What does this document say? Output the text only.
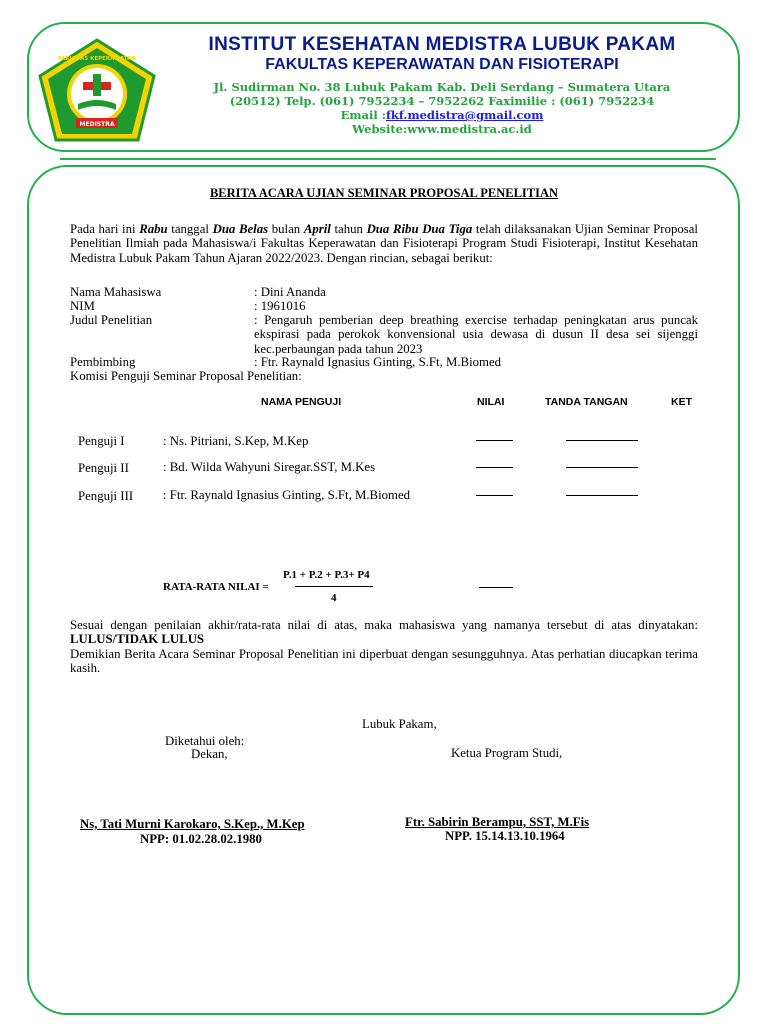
MEDISTRA
FAKULTAS KEPERAWATAN
INSTITUT KESEHATAN MEDISTRA LUBUK PAKAM
FAKULTAS KEPERAWATAN DAN FISIOTERAPI
Jl. Sudirman No. 38 Lubuk Pakam Kab. Deli Serdang – Sumatera Utara
(20512) Telp. (061) 7952234 – 7952262 Faximilie : (061) 7952234
Email :fkf.medistra@gmail.com
Website:www.medistra.ac.id
BERITA ACARA UJIAN SEMINAR PROPOSAL PENELITIAN
Pada hari ini Rabu tanggal Dua Belas bulan April tahun Dua Ribu Dua Tiga telah dilaksanakan Ujian Seminar Proposal Penelitian Ilmiah pada Mahasiswa/i Fakultas Keperawatan dan Fisioterapi Program Studi Fisioterapi, Institut Kesehatan Medistra Lubuk Pakam Tahun Ajaran 2022/2023. Dengan rincian, sebagai berikut:
Nama Mahasiswa	: Dini Ananda
NIM	: 1961016
Judul Penelitian	: Pengaruh pemberian deep breathing exercise terhadap peningkatan arus puncak ekspirasi pada perokok konvensional usia dewasa di dusun II desa sei sijenggi kec.perbaungan pada tahun 2023
Pembimbing	: Ftr. Raynald Ignasius Ginting, S.Ft, M.Biomed
Komisi Penguji Seminar Proposal Penelitian:
NAMA PENGUJI	NILAI	TANDA TANGAN	KET
Penguji I	: Ns. Pitriani, S.Kep, M.Kep
Penguji II	: Bd. Wilda Wahyuni Siregar.SST, M.Kes
Penguji III : Ftr. Raynald Ignasius Ginting, S.Ft, M.Biomed
P.1 + P.2 + P.3+ P4
RATA-RATA NILAI =
4
Sesuai dengan penilaian akhir/rata-rata nilai di atas, maka mahasiswa yang namanya tersebut di atas dinyatakan: LULUS/TIDAK LULUS
Demikian Berita Acara Seminar Proposal Penelitian ini diperbuat dengan sesungguhnya. Atas perhatian diucapkan terima kasih.
Lubuk Pakam,
Diketahui oleh:
Dekan,	Ketua Program Studi,
Ns, Tati Murni Karokaro, S.Kep., M.Kep
NPP: 01.02.28.02.1980
Ftr. Sabirin Berampu, SST, M.Fis
NPP. 15.14.13.10.1964
